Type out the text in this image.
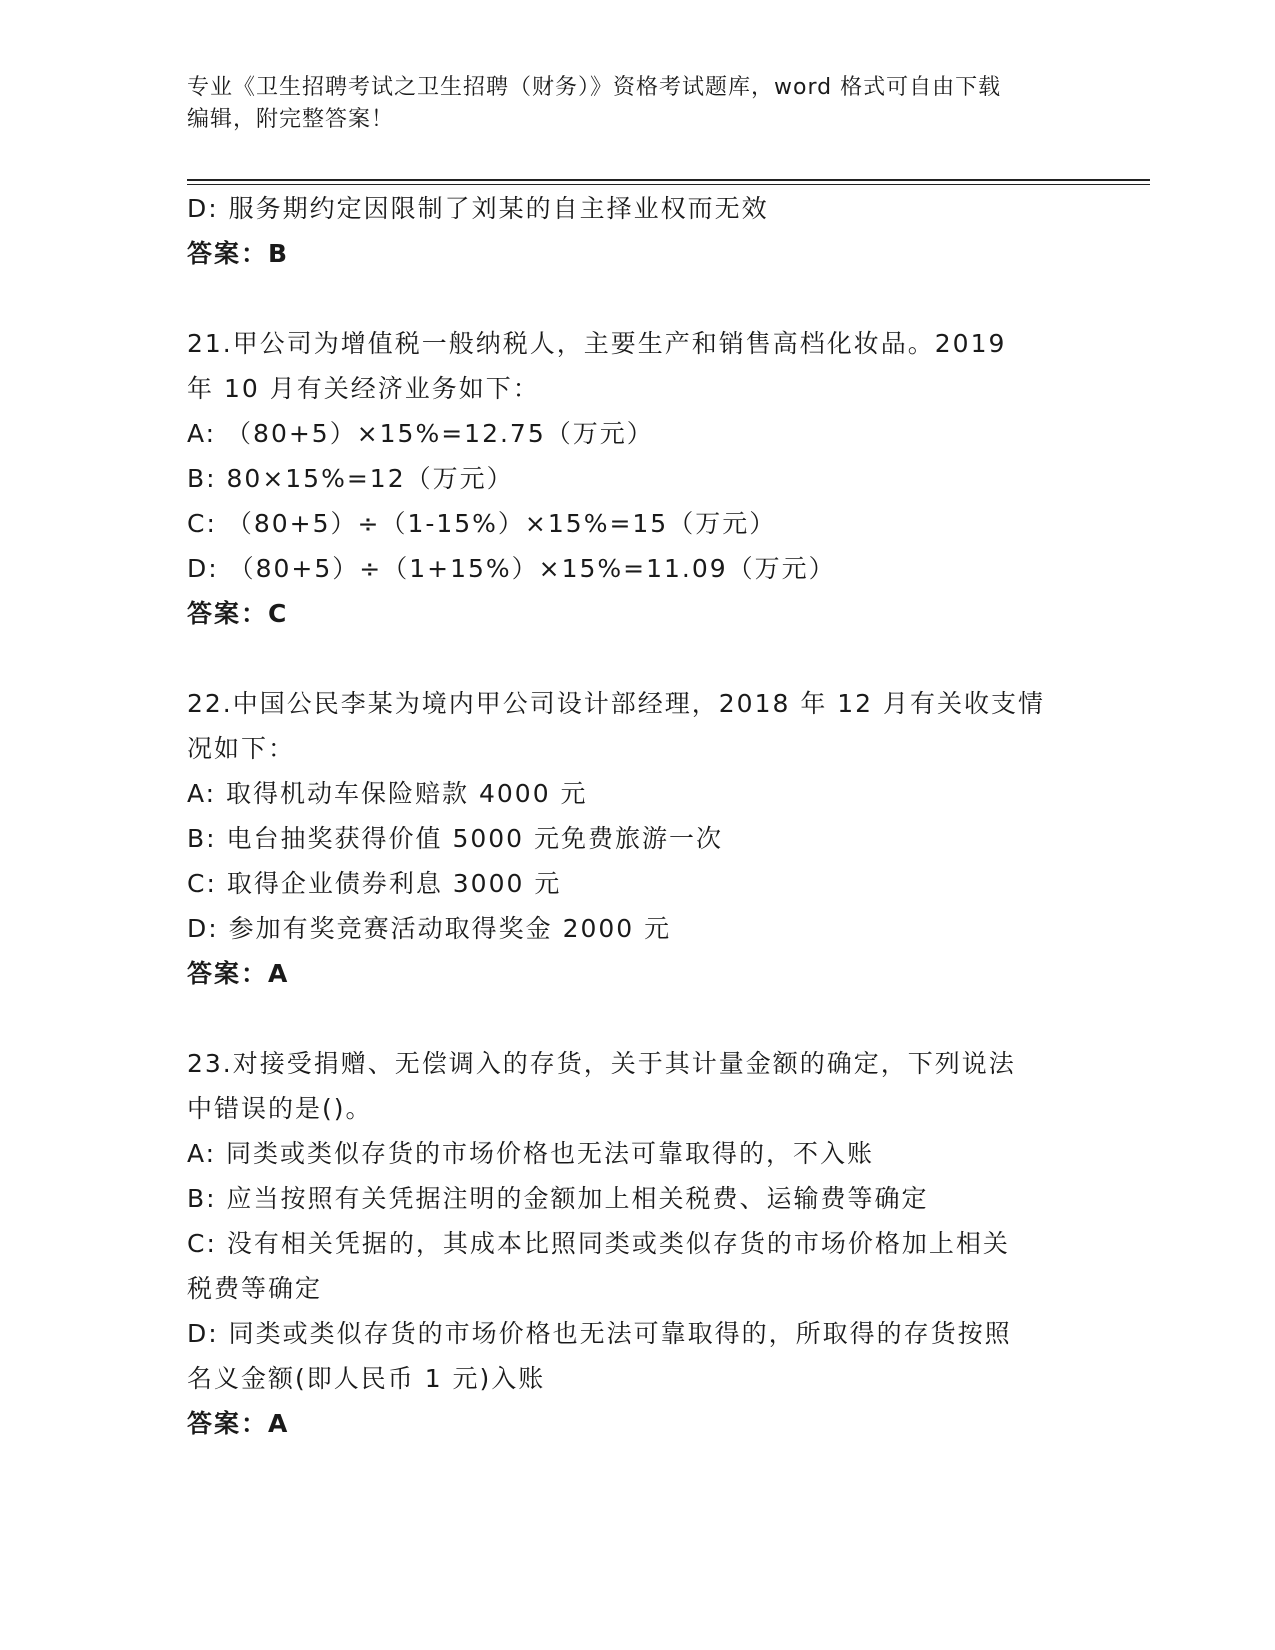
专业《卫生招聘考试之卫生招聘（财务）》资格考试题库，word 格式可自由下载
编辑，附完整答案！
D: 服务期约定因限制了刘某的自主择业权而无效
答案：B
21.甲公司为增值税一般纳税人，主要生产和销售高档化妆品。2019
年 10 月有关经济业务如下：
A: （80+5）×15%=12.75（万元）
B: 80×15%=12（万元）
C: （80+5）÷（1-15%）×15%=15（万元）
D: （80+5）÷（1+15%）×15%=11.09（万元）
答案：C
22.中国公民李某为境内甲公司设计部经理，2018 年 12 月有关收支情
况如下：
A: 取得机动车保险赔款 4000 元
B: 电台抽奖获得价值 5000 元免费旅游一次
C: 取得企业债券利息 3000 元
D: 参加有奖竞赛活动取得奖金 2000 元
答案：A
23.对接受捐赠、无偿调入的存货，关于其计量金额的确定，下列说法
中错误的是()。
A: 同类或类似存货的市场价格也无法可靠取得的，不入账
B: 应当按照有关凭据注明的金额加上相关税费、运输费等确定
C: 没有相关凭据的，其成本比照同类或类似存货的市场价格加上相关
税费等确定
D: 同类或类似存货的市场价格也无法可靠取得的，所取得的存货按照
名义金额(即人民币 1 元)入账
答案：A
